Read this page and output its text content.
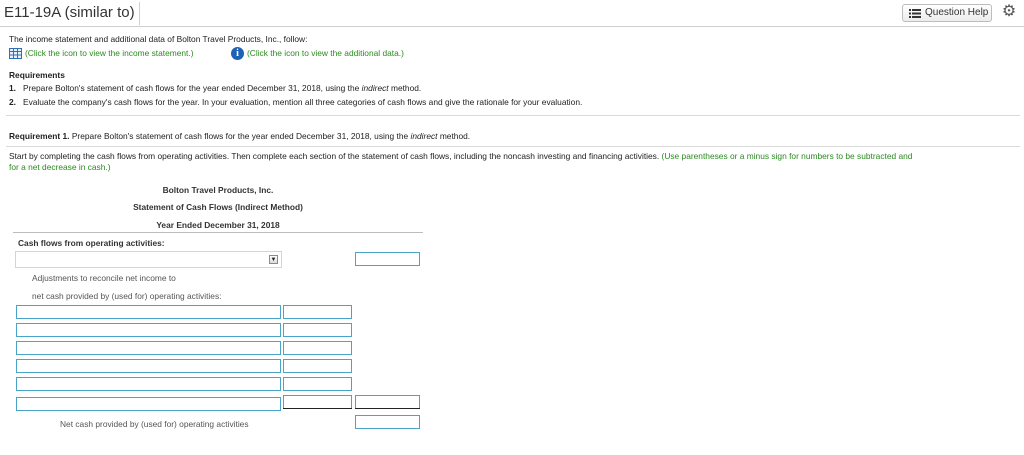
E11-19A (similar to)	Question Help ⚙
The income statement and additional data of Bolton Travel Products, Inc., follow:
(Click the icon to view the income statement.)	i (Click the icon to view the additional data.)
Requirements
1. Prepare Bolton's statement of cash flows for the year ended December 31, 2018, using the indirect method.
2. Evaluate the company's cash flows for the year. In your evaluation, mention all three categories of cash flows and give the rationale for your evaluation.
Requirement 1. Prepare Bolton's statement of cash flows for the year ended December 31, 2018, using the indirect method.
Start by completing the cash flows from operating activities. Then complete each section of the statement of cash flows, including the noncash investing and financing activities. (Use parentheses or a minus sign for numbers to be subtracted and
for a net decrease in cash.)
Bolton Travel Products, Inc.
Statement of Cash Flows (Indirect Method)
Year Ended December 31, 2018
Cash flows from operating activities:
▼
Adjustments to reconcile net income to
net cash provided by (used for) operating activities:
Net cash provided by (used for) operating activities
